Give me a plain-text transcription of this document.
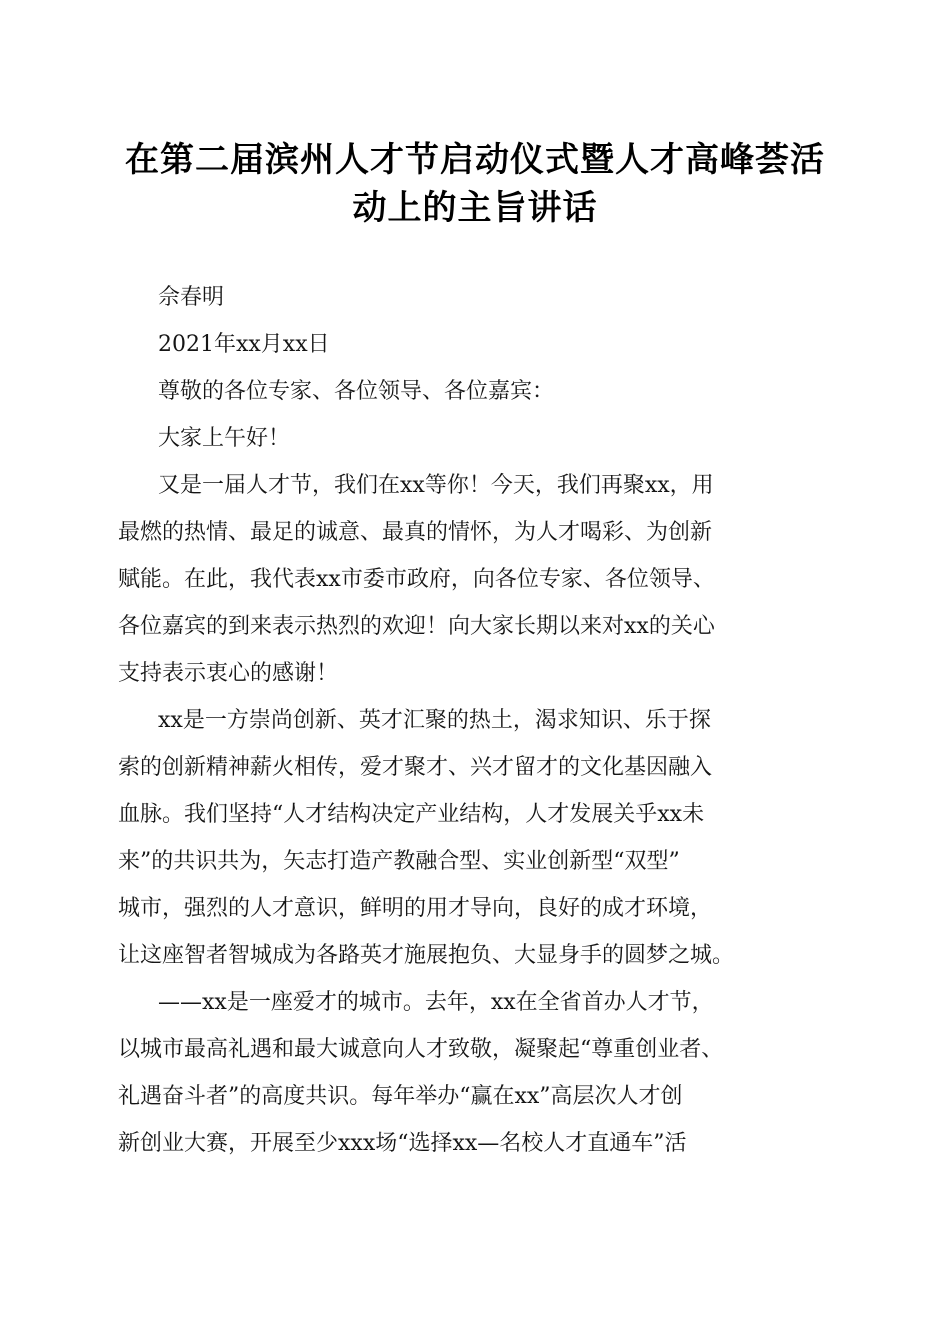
在第二届滨州人才节启动仪式暨人才高峰荟活
动上的主旨讲话
佘春明
2021年xx月xx日
尊敬的各位专家、各位领导、各位嘉宾：
大家上午好！
又是一届人才节，我们在xx等你！今天，我们再聚xx，用
最燃的热情、最足的诚意、最真的情怀，为人才喝彩、为创新
赋能。在此，我代表xx市委市政府，向各位专家、各位领导、
各位嘉宾的到来表示热烈的欢迎！向大家长期以来对xx的关心
支持表示衷心的感谢！
xx是一方崇尚创新、英才汇聚的热土，渴求知识、乐于探
索的创新精神薪火相传，爱才聚才、兴才留才的文化基因融入
血脉。我们坚持“人才结构决定产业结构，人才发展关乎xx未
来”的共识共为，矢志打造产教融合型、实业创新型“双型”
城市，强烈的人才意识，鲜明的用才导向，良好的成才环境，
让这座智者智城成为各路英才施展抱负、大显身手的圆梦之城。
——xx是一座爱才的城市。去年，xx在全省首办人才节，
以城市最高礼遇和最大诚意向人才致敬，凝聚起“尊重创业者、
礼遇奋斗者”的高度共识。每年举办“赢在xx”高层次人才创
新创业大赛，开展至少xxx场“选择xx—名校人才直通车”活
